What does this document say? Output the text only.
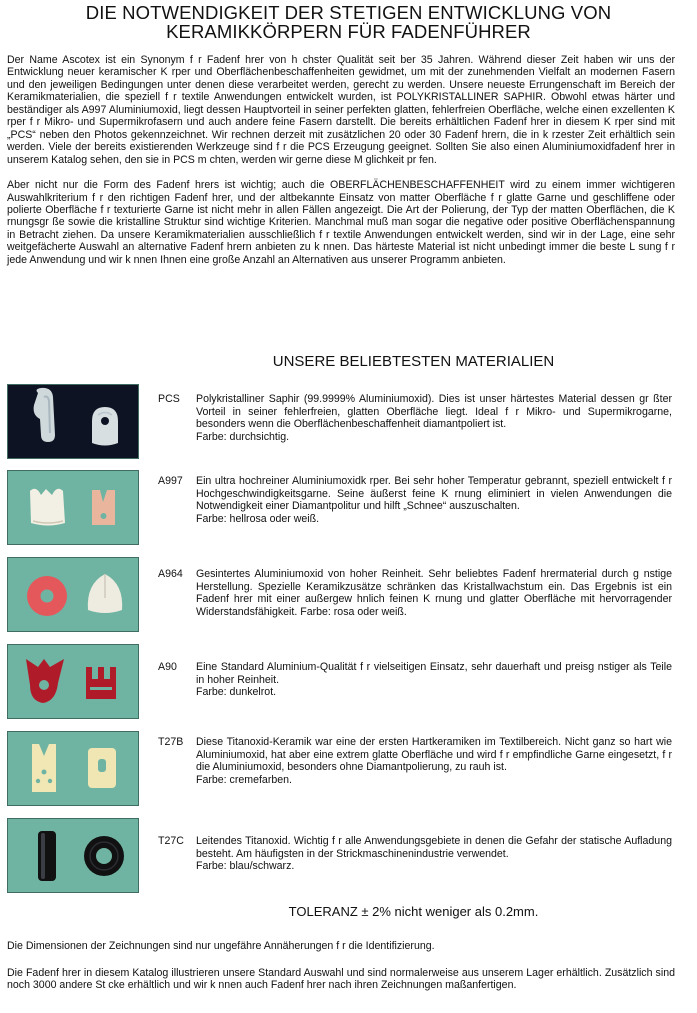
DIE NOTWENDIGKEIT DER STETIGEN ENTWICKLUNG VON
KERAMIKKÖRPERN FÜR FADENFÜHRER

Der Name Ascotex ist ein Synonym f r Fadenf hrer von h chster Qualität seit ber 35 Jahren. Während dieser Zeit haben wir uns der Entwicklung neuer keramischer K rper und Oberflächenbeschaffenheiten gewidmet, um mit der zunehmenden Vielfalt an modernen Fasern und den jeweiligen Bedingungen unter denen diese verarbeitet werden, gerecht zu werden. Unsere neueste Errungenschaft im Bereich der Keramikmaterialien, die speziell f r textile Anwendungen entwickelt wurden, ist POLYKRISTALLINER SAPHIR. Obwohl etwas härter und beständiger als A997 Aluminiumoxid, liegt dessen Hauptvorteil in seiner perfekten glatten, fehlerfreien Oberfläche, welche einen exzellenten K rper f r Mikro- und Supermikrofasern und auch andere feine Fasern darstellt. Die bereits erhältlichen Fadenf hrer in diesem K rper sind mit „PCS“ neben den Photos gekennzeichnet. Wir rechnen derzeit mit zusätzlichen 20 oder 30 Fadenf hrern, die in k rzester Zeit erhältlich sein werden. Viele der bereits existierenden Werkzeuge sind f r die PCS Erzeugung geeignet. Sollten Sie also einen Aluminiumoxidfadenf hrer in unserem Katalog sehen, den sie in PCS m chten, werden wir gerne diese M glichkeit pr fen.

Aber nicht nur die Form des Fadenf hrers ist wichtig; auch die OBERFLÄCHENBESCHAFFENHEIT wird zu einem immer wichtigeren Auswahlkriterium f r den richtigen Fadenf hrer, und der altbekannte Einsatz von matter Oberfläche f r glatte Garne und geschliffene oder polierte Oberfläche f r texturierte Garne ist nicht mehr in allen Fällen angezeigt. Die Art der Polierung, der Typ der matten Oberflächen, die K rnungsgr ße sowie die kristalline Struktur sind wichtige Kriterien. Manchmal muß man sogar die negative oder positive Oberflächenspannung in Betracht ziehen. Da unsere Keramikmaterialien ausschließlich f r textile Anwendungen entwickelt werden, sind wir in der Lage, eine sehr weitgefächerte Auswahl an alternative Fadenf hrern anbieten zu k nnen. Das härteste Material ist nicht unbedingt immer die beste L sung f r jede Anwendung und wir k nnen Ihnen eine große Anzahl an Alternativen aus unserer Programm anbieten.

UNSERE BELIEBTESTEN MATERIALIEN
PCS Polykristalliner Saphir (99.9999% Aluminiumoxid). Dies ist unser härtestes Material dessen gr ßter Vorteil in seiner fehlerfreien, glatten Oberfläche liegt. Ideal f r Mikro- und Supermikrogarne, besonders wenn die Oberflächenbeschaffenheit diamantpoliert ist.
Farbe: durchsichtig.
A997 Ein ultra hochreiner Aluminiumoxidk rper. Bei sehr hoher Temperatur gebrannt, speziell entwickelt f r Hochgeschwindigkeitsgarne. Seine äußerst feine K rnung eliminiert in vielen Anwendungen die Notwendigkeit einer Diamantpolitur und hilft „Schnee“ auszuschalten.
Farbe: hellrosa oder weiß.
A964 Gesintertes Aluminiumoxid von hoher Reinheit. Sehr beliebtes Fadenf hrermaterial durch g nstige Herstellung. Spezielle Keramikzusätze schränken das Kristallwachstum ein. Das Ergebnis ist ein Fadenf hrer mit einer außergew hnlich feinen K rnung und glatter Oberfläche mit hervorragender Widerstandsfähigkeit. Farbe: rosa oder weiß.
A90 Eine Standard Aluminium-Qualität f r vielseitigen Einsatz, sehr dauerhaft und preisg nstiger als Teile in hoher Reinheit.
Farbe: dunkelrot.
T27B Diese Titanoxid-Keramik war eine der ersten Hartkeramiken im Textilbereich. Nicht ganz so hart wie Aluminiumoxid, hat aber eine extrem glatte Oberfläche und wird f r empfindliche Garne eingesetzt, f r die Aluminiumoxid, besonders ohne Diamantpolierung, zu rauh ist.
Farbe: cremefarben.
T27C Leitendes Titanoxid. Wichtig f r alle Anwendungsgebiete in denen die Gefahr der statische Aufladung besteht. Am häufigsten in der Strickmaschinenindustrie verwendet.
Farbe: blau/schwarz.
TOLERANZ ± 2% nicht weniger als 0.2mm.

Die Dimensionen der Zeichnungen sind nur ungefähre Annäherungen f r die Identifizierung.

Die Fadenf hrer in diesem Katalog illustrieren unsere Standard Auswahl und sind normalerweise aus unserem Lager erhältlich. Zusätzlich sind noch 3000 andere St cke erhältlich und wir k nnen auch Fadenf hrer nach ihren Zeichnungen maßanfertigen.
